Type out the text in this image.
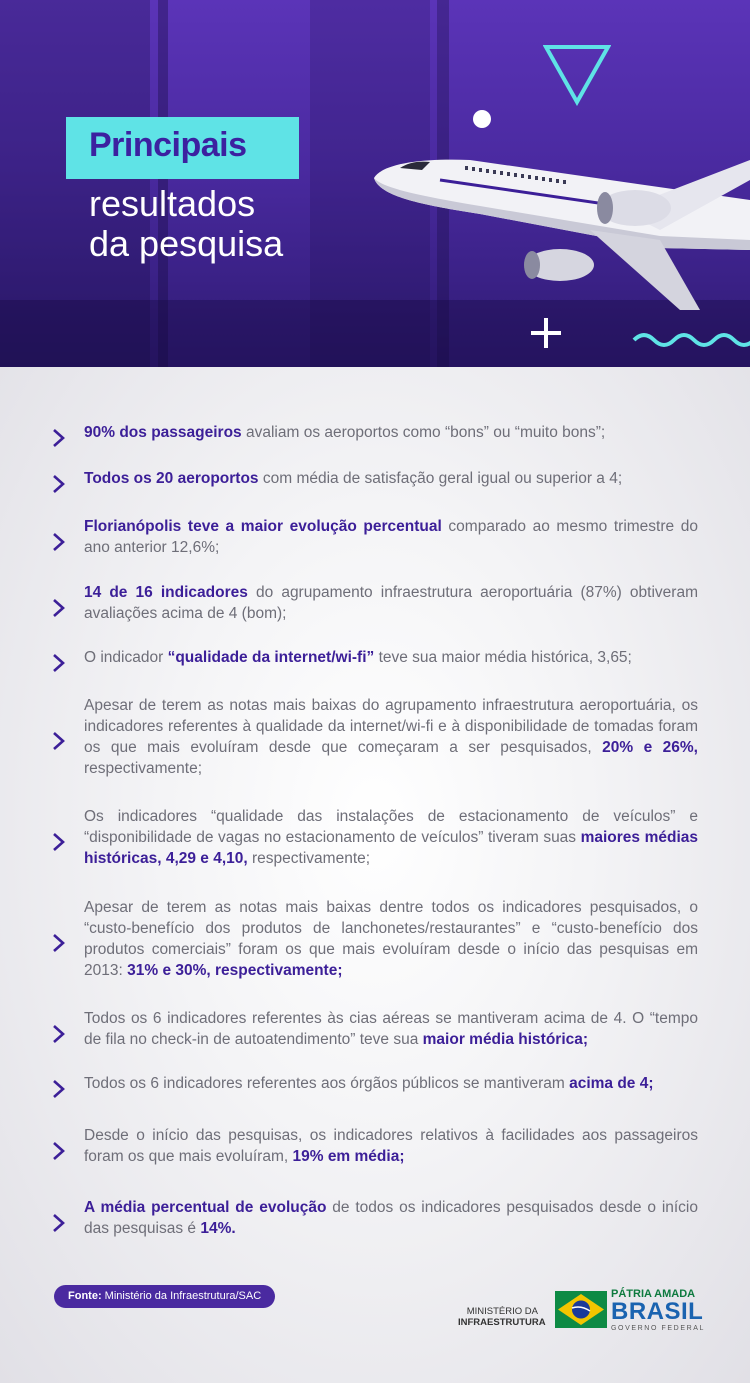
Principais
resultados
da pesquisa
90% dos passageiros avaliam os aeroportos como “bons” ou “muito bons”;
Todos os 20 aeroportos com média de satisfação geral igual ou superior a 4;
Florianópolis teve a maior evolução percentual comparado ao mesmo trimestre do ano anterior 12,6%;
14 de 16 indicadores do agrupamento infraestrutura aeroportuária (87%) obtiveram avaliações acima de 4 (bom);
O indicador “qualidade da internet/wi-fi” teve sua maior média histórica, 3,65;
Apesar de terem as notas mais baixas do agrupamento infraestrutura aeroportuária, os indicadores referentes à qualidade da internet/wi-fi e à disponibilidade de tomadas foram os que mais evoluíram desde que começaram a ser pesquisados, 20% e 26%, respectivamente;
Os indicadores “qualidade das instalações de estacionamento de veículos” e “disponibilidade de vagas no estacionamento de veículos” tiveram suas maiores médias históricas, 4,29 e 4,10, respectivamente;
Apesar de terem as notas mais baixas dentre todos os indicadores pesquisados, o “custo-benefício dos produtos de lanchonetes/restaurantes” e “custo-benefício dos produtos comerciais” foram os que mais evoluíram desde o início das pesquisas em 2013: 31% e 30%, respectivamente;
Todos os 6 indicadores referentes às cias aéreas se mantiveram acima de 4. O “tempo de fila no check-in de autoatendimento” teve sua maior média histórica;
Todos os 6 indicadores referentes aos órgãos públicos se mantiveram acima de 4;
Desde o início das pesquisas, os indicadores relativos à facilidades aos passageiros foram os que mais evoluíram, 19% em média;
A média percentual de evolução de todos os indicadores pesquisados desde o início das pesquisas é 14%.
Fonte: Ministério da Infraestrutura/SAC
MINISTÉRIO DA
INFRAESTRUTURA
PÁTRIA AMADA
BRASIL
GOVERNO FEDERAL
